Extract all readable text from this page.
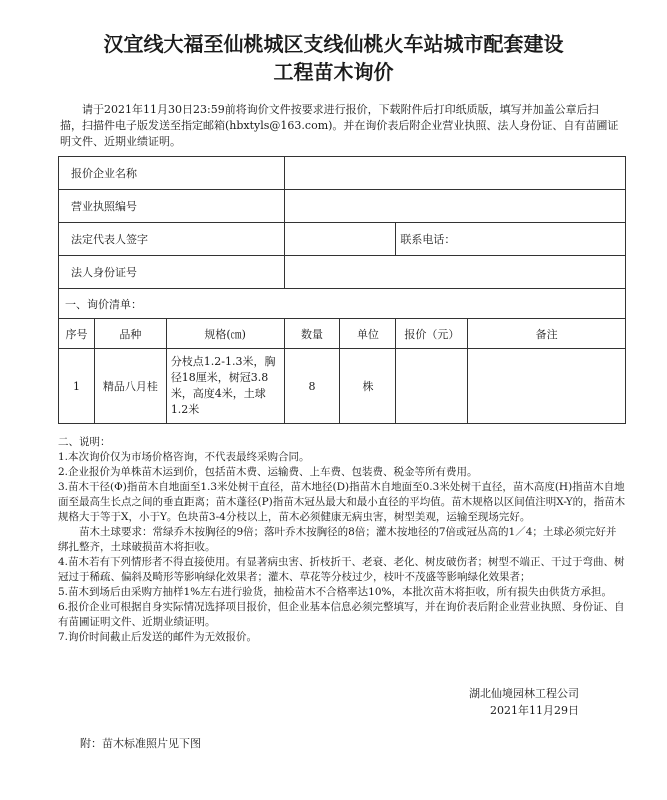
汉宜线大福至仙桃城区支线仙桃火车站城市配套建设
工程苗木询价
请于2021年11月30日23:59前将询价文件按要求进行报价，下载附件后打印纸质版，填写并加盖公章后扫描，扫描件电子版发送至指定邮箱(hbxtyls@163.com)。并在询价表后附企业营业执照、法人身份证、自有苗圃证明文件、近期业绩证明。
报价企业名称						
营业执照编号						
法定代表人签字					联系电话：	
法人身份证号						
一、询价清单：						
序号	品种	规格(㎝)	数量	单位	报价（元）	备注
1	精品八月桂	分枝点1.2-1.3米，胸径18厘米，树冠3.8米，高度4米，土球1.2米	8	株		

二、说明：

1.本次询价仅为市场价格咨询，不代表最终采购合同。

2.企业报价为单株苗木运到价，包括苗木费、运输费、上车费、包装费、税金等所有费用。

3.苗木干径(Φ)指苗木自地面至1.3米处树干直径，苗木地径(D)指苗木自地面至0.3米处树干直径，苗木高度(H)指苗木自地面至最高生长点之间的垂直距离；苗木蓬径(P)指苗木冠丛最大和最小直径的平均值。苗木规格以区间值注明X-Y的，指苗木规格大于等于X，小于Y。色块苗3-4分枝以上，苗木必须健康无病虫害，树型美观，运输至现场完好。

苗木土球要求：常绿乔木按胸径的9倍；落叶乔木按胸径的8倍；灌木按地径的7倍或冠丛高的1／4；土球必须完好并绑扎整齐，土球破损苗木将拒收。

4.苗木若有下列情形者不得直接使用。有显著病虫害、折枝折干、老衰、老化、树皮破伤者；树型不端正、干过于弯曲、树冠过于稀疏、偏斜及畸形等影响绿化效果者；灌木、草花等分枝过少，枝叶不茂盛等影响绿化效果者；

5.苗木到场后由采购方抽样1%左右进行验货，抽检苗木不合格率达10%，本批次苗木将拒收，所有损失由供货方承担。

6.报价企业可根据自身实际情况选择项目报价，但企业基本信息必须完整填写，并在询价表后附企业营业执照、身份证、自有苗圃证明文件、近期业绩证明。

7.询价时间截止后发送的邮件为无效报价。

湖北仙境园林工程公司
2021年11月29日
附：苗木标准照片见下图
